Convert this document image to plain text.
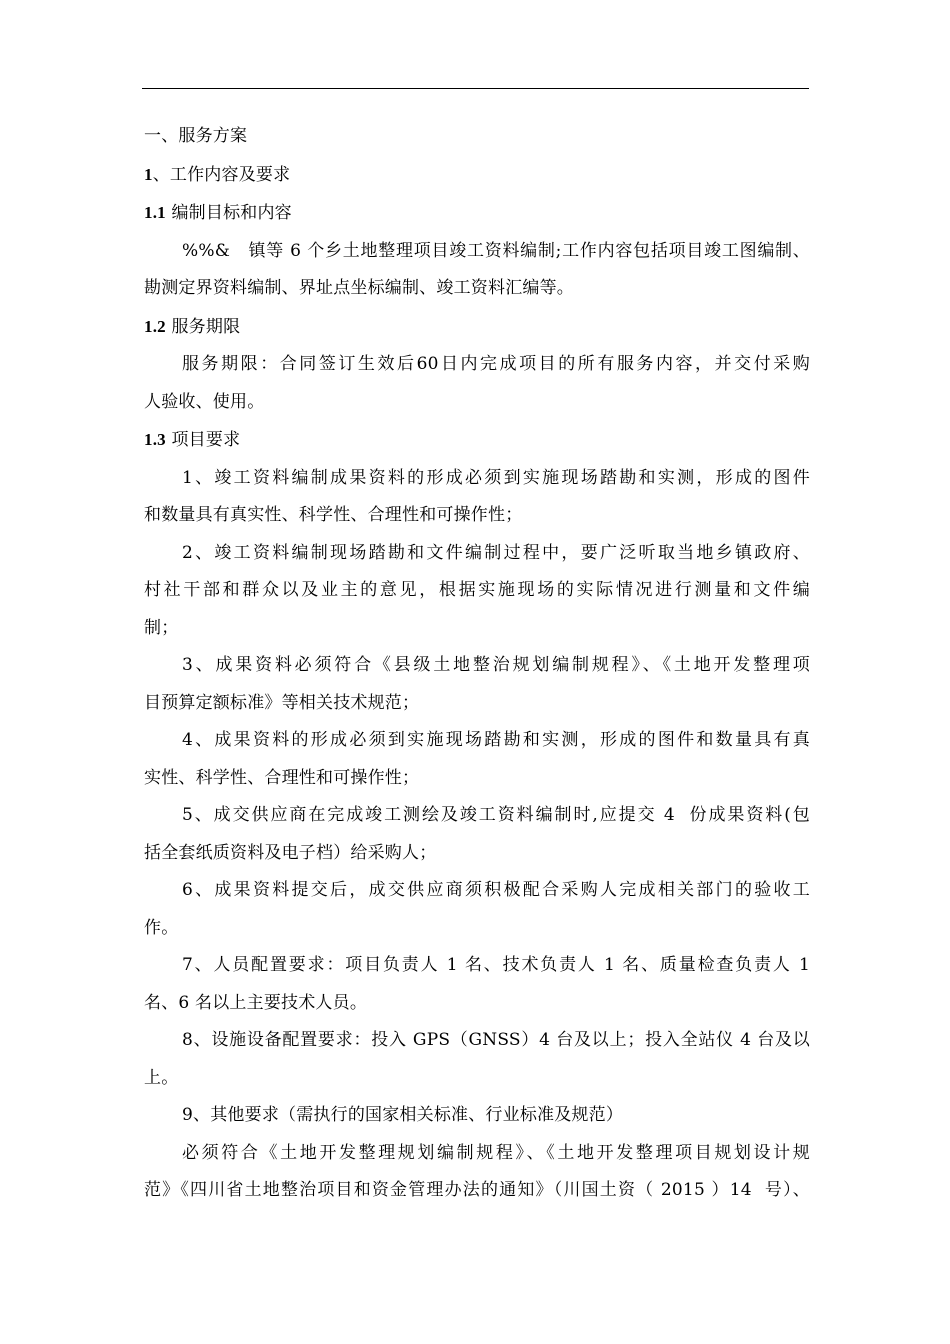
一、服务方案
1、工作内容及要求
1.1 编制目标和内容
%%&   镇等 6 个乡土地整理项目竣工资料编制;工作内容包括项目竣工图编制、
勘测定界资料编制、界址点坐标编制、竣工资料汇编等。
1.2 服务期限
服务期限：合同签订生效后60日内完成项目的所有服务内容，并交付采购
人验收、使用。
1.3 项目要求
1、竣工资料编制成果资料的形成必须到实施现场踏勘和实测，形成的图件
和数量具有真实性、科学性、合理性和可操作性；
2、竣工资料编制现场踏勘和文件编制过程中，要广泛听取当地乡镇政府、
村社干部和群众以及业主的意见，根据实施现场的实际情况进行测量和文件编
制；
3、成果资料必须符合《县级土地整治规划编制规程》、《土地开发整理项
目预算定额标准》等相关技术规范；
4、成果资料的形成必须到实施现场踏勘和实测，形成的图件和数量具有真
实性、科学性、合理性和可操作性；
5、成交供应商在完成竣工测绘及竣工资料编制时,应提交 4  份成果资料(包
括全套纸质资料及电子档）给采购人；
6、成果资料提交后，成交供应商须积极配合采购人完成相关部门的验收工
作。
7、人员配置要求：项目负责人 1 名、技术负责人 1 名、质量检查负责人 1
名、6 名以上主要技术人员。
8、设施设备配置要求：投入 GPS（GNSS）4 台及以上；投入全站仪 4 台及以
上。
9、其他要求（需执行的国家相关标准、行业标准及规范）
必须符合《土地开发整理规划编制规程》、《土地开发整理项目规划设计规
范》《四川省土地整治项目和资金管理办法的通知》（川国土资（ 2015 ）14  号）、
